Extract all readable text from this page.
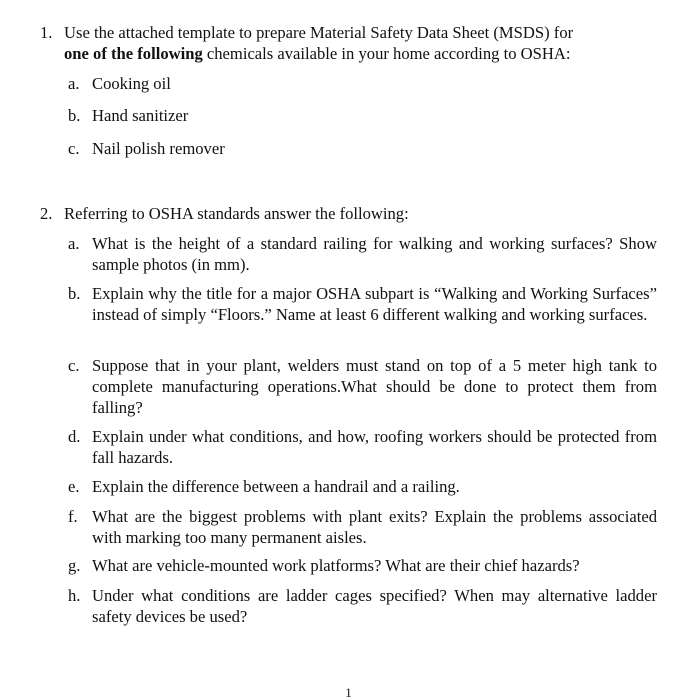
1. Use the attached template to prepare Material Safety Data Sheet (MSDS) for
one of the following chemicals available in your home according to OSHA:
a. Cooking oil
b. Hand sanitizer
c. Nail polish remover
2. Referring to OSHA standards answer the following:
a. What is the height of a standard railing for walking and working surfaces? Show sample photos (in mm).
b. Explain why the title for a major OSHA subpart is “Walking and Working Surfaces” instead of simply “Floors.” Name at least 6 different walking and working surfaces.
c. Suppose that in your plant, welders must stand on top of a 5 meter high tank to complete manufacturing operations.What should be done to protect them from falling?
d. Explain under what conditions, and how, roofing workers should be protected from fall hazards.
e. Explain the difference between a handrail and a railing.
f. What are the biggest problems with plant exits? Explain the problems associated with marking too many permanent aisles.
g. What are vehicle-mounted work platforms? What are their chief hazards?
h. Under what conditions are ladder cages specified? When may alternative ladder safety devices be used?
1
